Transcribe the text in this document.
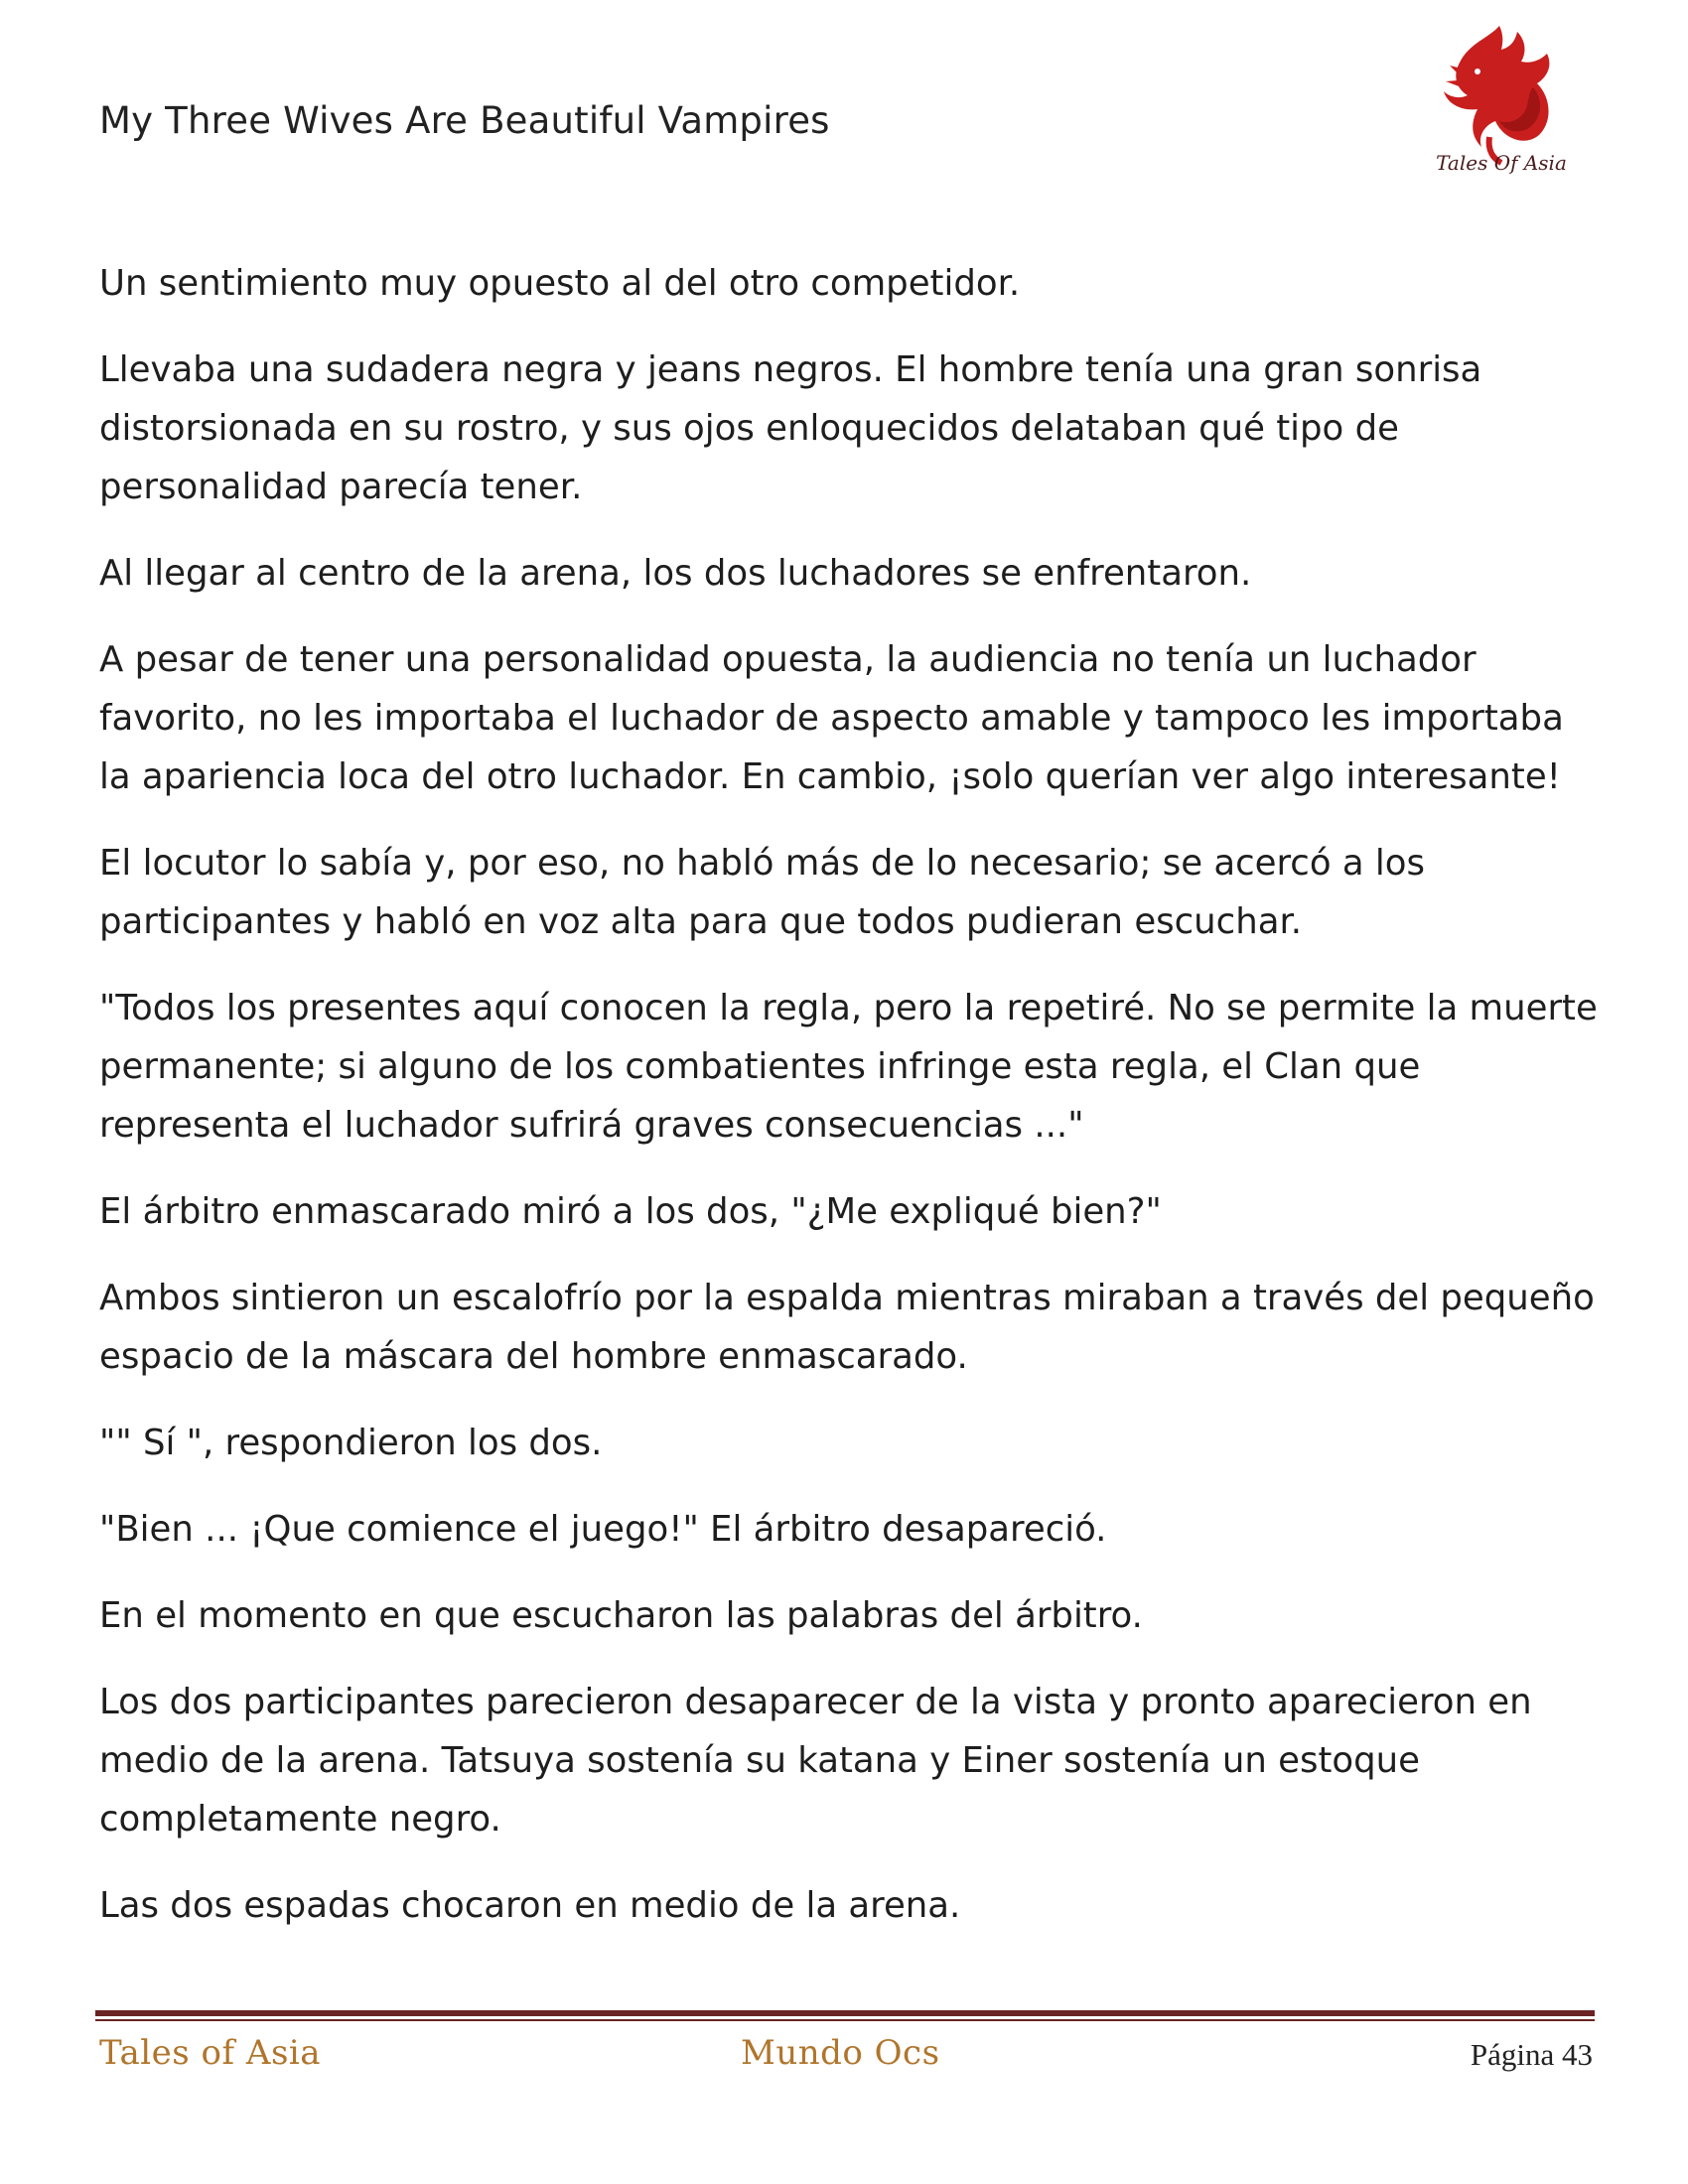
My Three Wives Are Beautiful Vampires
Tales Of Asia

Un sentimiento muy opuesto al del otro competidor.

Llevaba una sudadera negra y jeans negros. El hombre tenía una gran sonrisa distorsionada en su rostro, y sus ojos enloquecidos delataban qué tipo de personalidad parecía tener.

Al llegar al centro de la arena, los dos luchadores se enfrentaron.

A pesar de tener una personalidad opuesta, la audiencia no tenía un luchador favorito, no les importaba el luchador de aspecto amable y tampoco les importaba la apariencia loca del otro luchador. En cambio, ¡solo querían ver algo interesante!

El locutor lo sabía y, por eso, no habló más de lo necesario; se acercó a los participantes y habló en voz alta para que todos pudieran escuchar.

"Todos los presentes aquí conocen la regla, pero la repetiré. No se permite la muerte permanente; si alguno de los combatientes infringe esta regla, el Clan que representa el luchador sufrirá graves consecuencias ..."

El árbitro enmascarado miró a los dos, "¿Me expliqué bien?"

Ambos sintieron un escalofrío por la espalda mientras miraban a través del pequeño espacio de la máscara del hombre enmascarado.

"" Sí ", respondieron los dos.

"Bien ... ¡Que comience el juego!" El árbitro desapareció.

En el momento en que escucharon las palabras del árbitro.

Los dos participantes parecieron desaparecer de la vista y pronto aparecieron en medio de la arena. Tatsuya sostenía su katana y Einer sostenía un estoque completamente negro.

Las dos espadas chocaron en medio de la arena.

Tales of Asia	Mundo Ocs	Página 43
